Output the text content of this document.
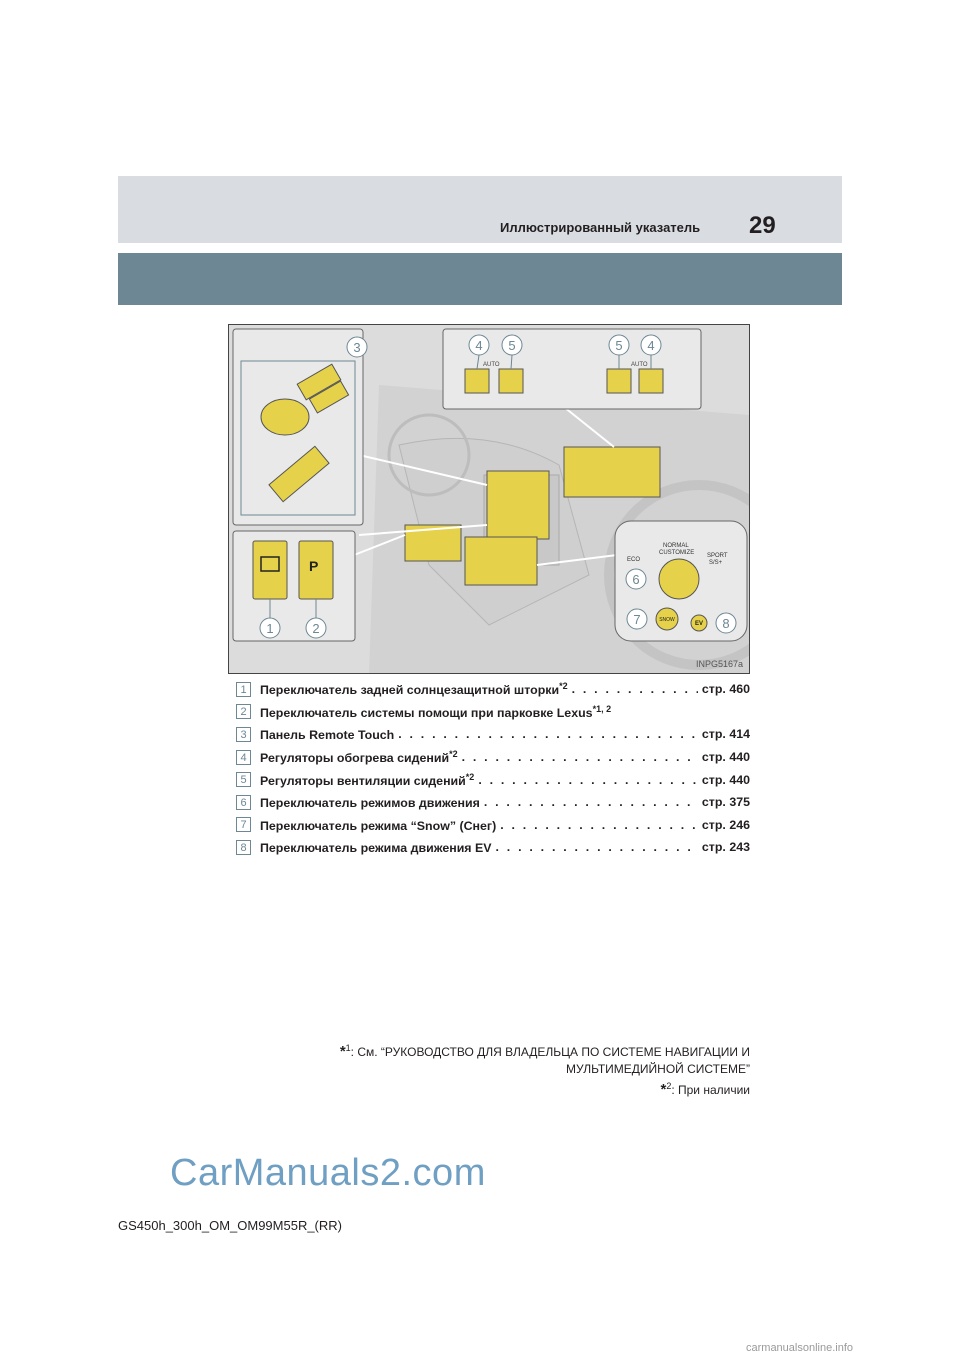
Иллюстрированный указатель 29
3
AUTO	AUTO
4 5	5 4
P
1	2
ECO
NORMAL
CUSTOMIZE SPORT
S/S+
SNOW
EV
6
7	8
INPG5167a
1	Переключатель задней солнцезащитной шторки$^{*2}$ . . .	стр. 460
2	Переключатель системы помощи при парковке Lexus$^{*1, 2}$
3	Панель Remote Touch . . .	стр. 414
4	Регуляторы обогрева сидений$^{*2}$ . . .	стр. 440
5	Регуляторы вентиляции сидений$^{*2}$ . . .	стр. 440
6	Переключатель режимов движения . . .	стр. 375
7	Переключатель режима “Snow” (Снег) . . .	стр. 246
8	Переключатель режима движения EV . . .	стр. 243
*$^1$: См. “РУКОВОДСТВО ДЛЯ ВЛАДЕЛЬЦА ПО СИСТЕМЕ НАВИГАЦИИ И
МУЛЬТИМЕДИЙНОЙ СИСТЕМЕ”
*$^2$: При наличии
CarManuals2.com
GS450h_300h_OM_OM99M55R_(RR)
carmanualsonline.info
